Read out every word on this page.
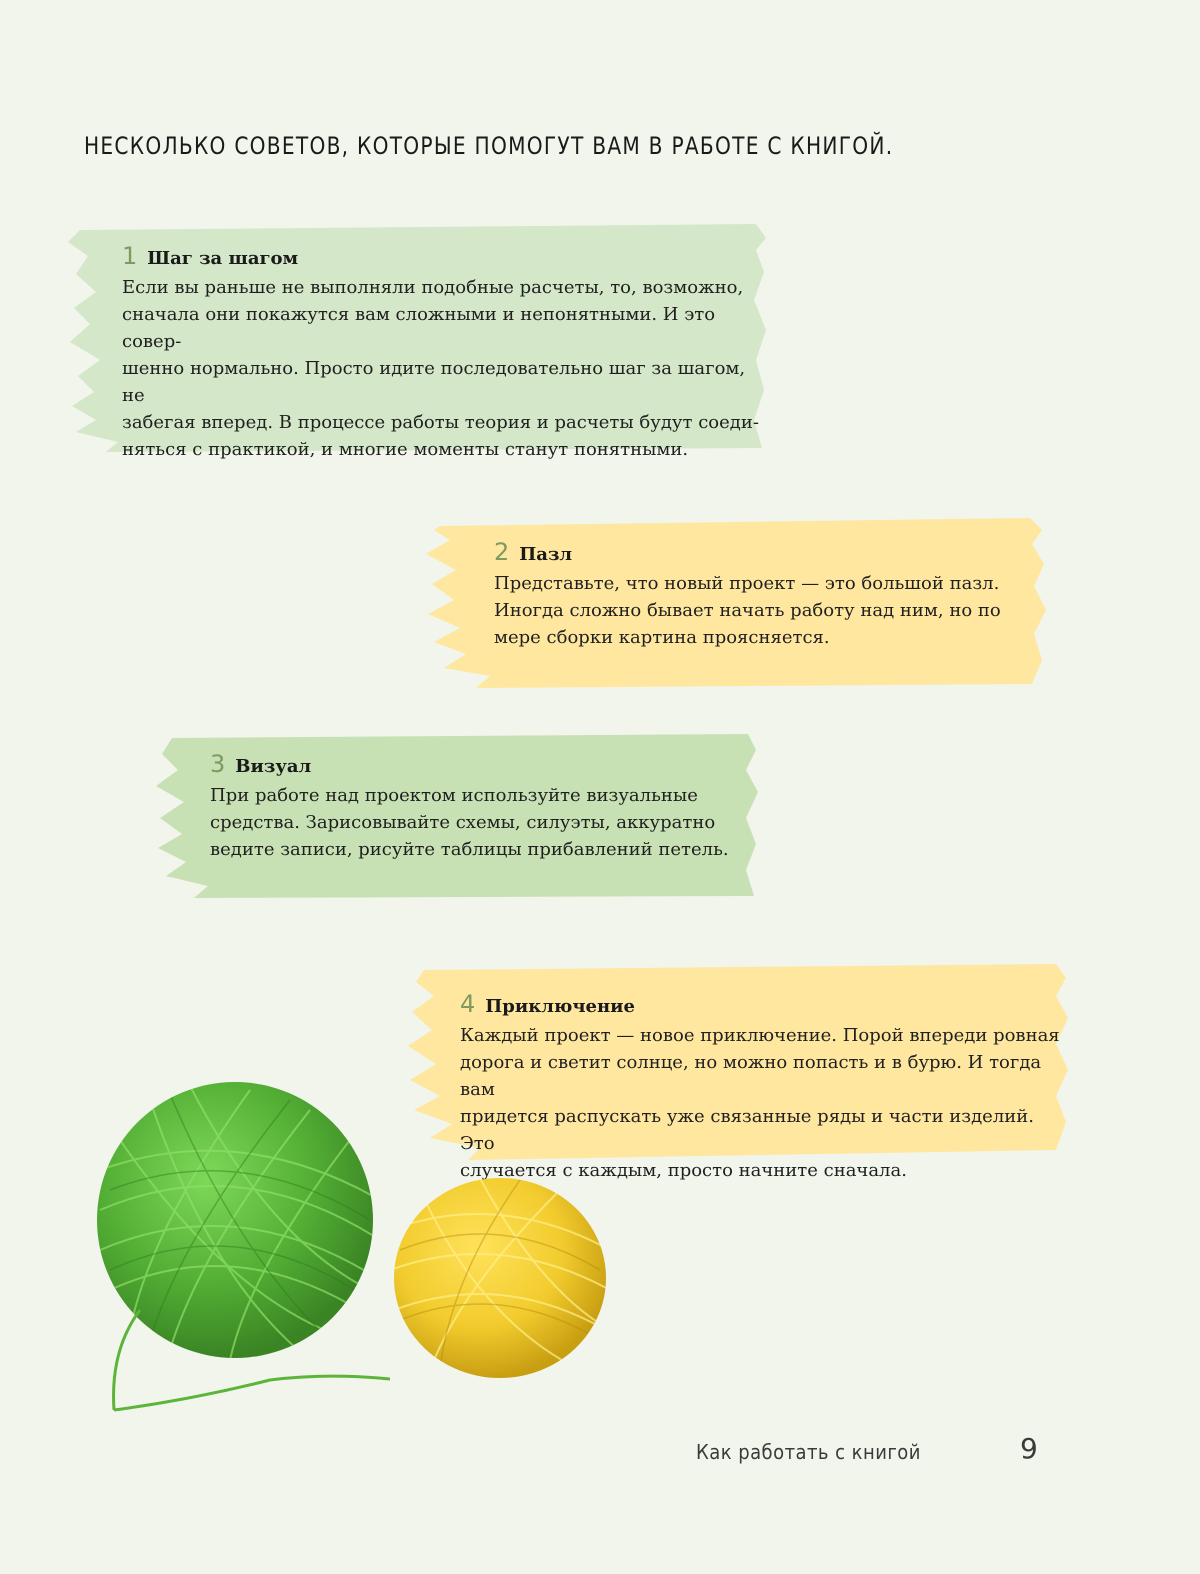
НЕСКОЛЬКО СОВЕТОВ, КОТОРЫЕ ПОМОГУТ ВАМ В РАБОТЕ С КНИГОЙ.
1 Шаг за шагом
Если вы раньше не выполняли подобные расчеты, то, возможно,
сначала они покажутся вам сложными и непонятными. И это совер-
шенно нормально. Просто идите последовательно шаг за шагом, не
забегая вперед. В процессе работы теория и расчеты будут соеди-
няться с практикой, и многие моменты станут понятными.
2 Пазл
Представьте, что новый проект — это большой пазл.
Иногда сложно бывает начать работу над ним, но по
мере сборки картина проясняется.
3 Визуал
При работе над проектом используйте визуальные
средства. Зарисовывайте схемы, силуэты, аккуратно
ведите записи, рисуйте таблицы прибавлений петель.
4 Приключение
Каждый проект — новое приключение. Порой впереди ровная
дорога и светит солнце, но можно попасть и в бурю. И тогда вам
придется распускать уже связанные ряды и части изделий. Это
случается с каждым, просто начните сначала.
Как работать с книгой	9
